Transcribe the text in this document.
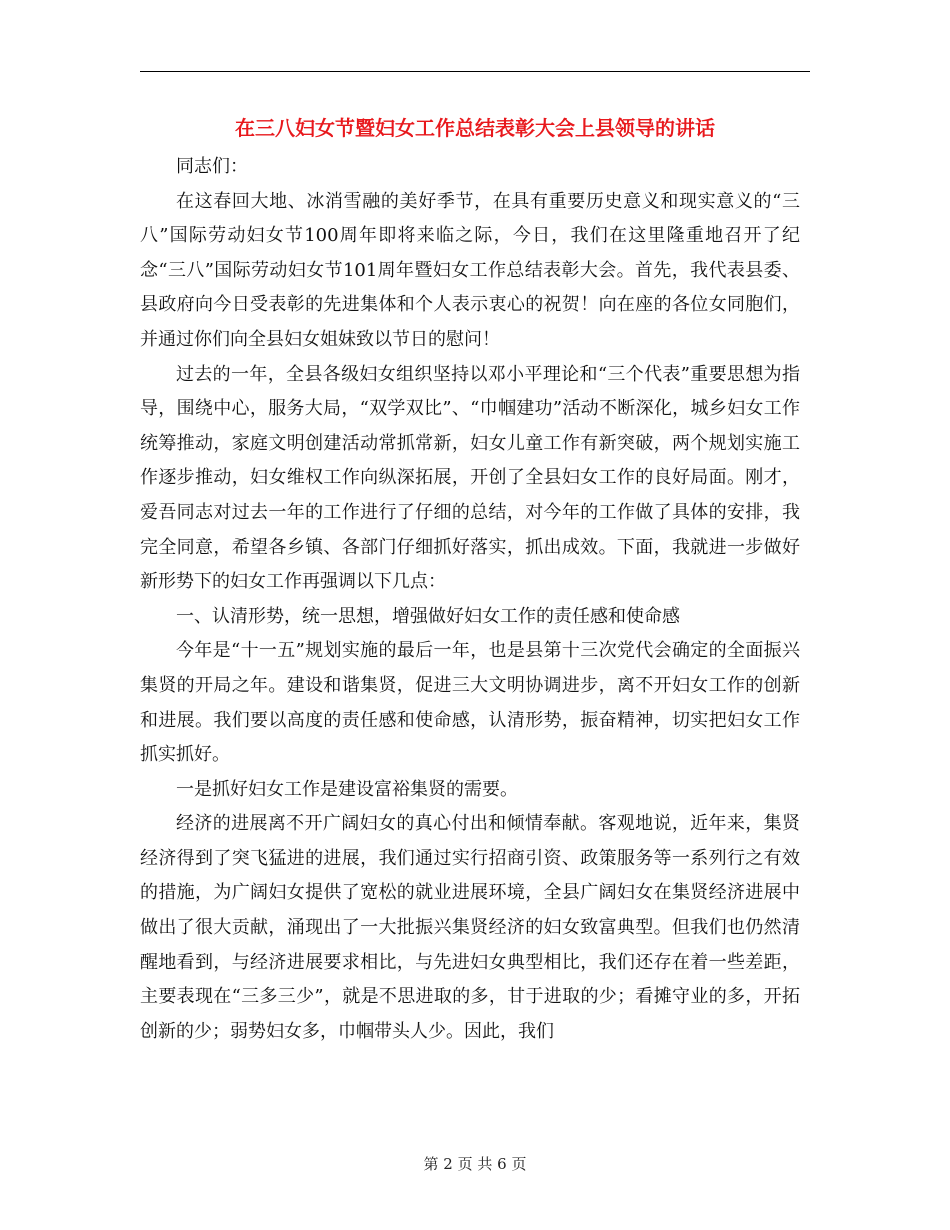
在三八妇女节暨妇女工作总结表彰大会上县领导的讲话

同志们：

在这春回大地、冰消雪融的美好季节，在具有重要历史意义和现实意义的“三八”国际劳动妇女节100周年即将来临之际，今日，我们在这里隆重地召开了纪念“三八”国际劳动妇女节101周年暨妇女工作总结表彰大会。首先，我代表县委、县政府向今日受表彰的先进集体和个人表示衷心的祝贺！向在座的各位女同胞们，并通过你们向全县妇女姐妹致以节日的慰问！

过去的一年，全县各级妇女组织坚持以邓小平理论和“三个代表”重要思想为指导，围绕中心，服务大局，“双学双比”、“巾帼建功”活动不断深化，城乡妇女工作统筹推动，家庭文明创建活动常抓常新，妇女儿童工作有新突破，两个规划实施工作逐步推动，妇女维权工作向纵深拓展，开创了全县妇女工作的良好局面。刚才，爱吾同志对过去一年的工作进行了仔细的总结，对今年的工作做了具体的安排，我完全同意，希望各乡镇、各部门仔细抓好落实，抓出成效。下面，我就进一步做好新形势下的妇女工作再强调以下几点：

一、认清形势，统一思想，增强做好妇女工作的责任感和使命感

今年是“十一五”规划实施的最后一年，也是县第十三次党代会确定的全面振兴集贤的开局之年。建设和谐集贤，促进三大文明协调进步，离不开妇女工作的创新和进展。我们要以高度的责任感和使命感，认清形势，振奋精神，切实把妇女工作抓实抓好。

一是抓好妇女工作是建设富裕集贤的需要。

经济的进展离不开广阔妇女的真心付出和倾情奉献。客观地说，近年来，集贤经济得到了突飞猛进的进展，我们通过实行招商引资、政策服务等一系列行之有效的措施，为广阔妇女提供了宽松的就业进展环境，全县广阔妇女在集贤经济进展中做出了很大贡献，涌现出了一大批振兴集贤经济的妇女致富典型。但我们也仍然清醒地看到，与经济进展要求相比，与先进妇女典型相比，我们还存在着一些差距，主要表现在“三多三少”，就是不思进取的多，甘于进取的少；看摊守业的多，开拓创新的少；弱势妇女多，巾帼带头人少。因此，我们

第 2 页 共 6 页
